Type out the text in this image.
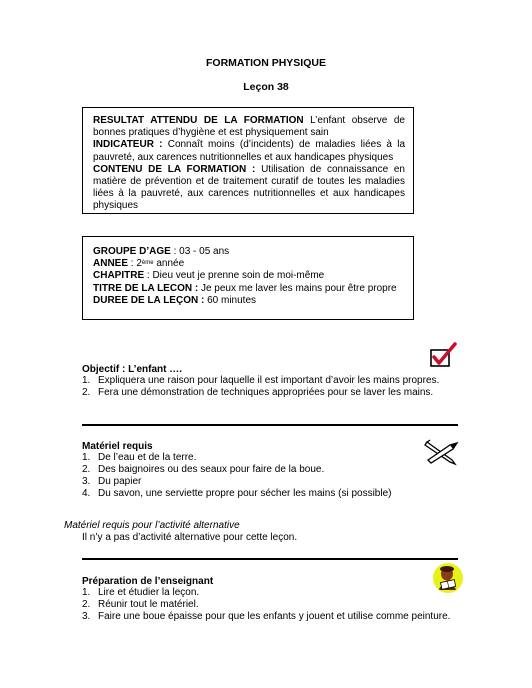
FORMATION PHYSIQUE
Leçon 38

RESULTAT ATTENDU DE LA FORMATION L’enfant observe de bonnes pratiques d’hygiène et est physiquement sain

INDICATEUR : Connaît moins (d’incidents) de maladies liées à la pauvreté, aux carences nutritionnelles et aux handicapes physiques

CONTENU DE LA FORMATION : Utilisation de connaissance en matière de prévention et de traitement curatif de toutes les maladies liées à la pauvreté, aux carences nutritionnelles et aux handicapes physiques

GROUPE D’AGE : 03 - 05 ans

ANNEE : 2ème année

CHAPITRE : Dieu veut je prenne soin de moi-même

TITRE DE LA LECON : Je peux me laver les mains pour être propre

DUREE DE LA LEÇON : 60 minutes

Objectif : L’enfant ….
1. Expliquera une raison pour laquelle il est important d’avoir les mains propres.
2. Fera une démonstration de techniques appropriées pour se laver les mains.
Matériel requis
1. De l’eau et de la terre.
2. Des baignoires ou des seaux pour faire de la boue.
3. Du papier
4. Du savon, une serviette propre pour sécher les mains (si possible)
Matériel requis pour l’activité alternative
Il n’y a pas d’activité alternative pour cette leçon.
Préparation de l’enseignant
1. Lire et étudier la leçon.
2. Réunir tout le matériel.
3. Faire une boue épaisse pour que les enfants y jouent et utilise comme peinture.
